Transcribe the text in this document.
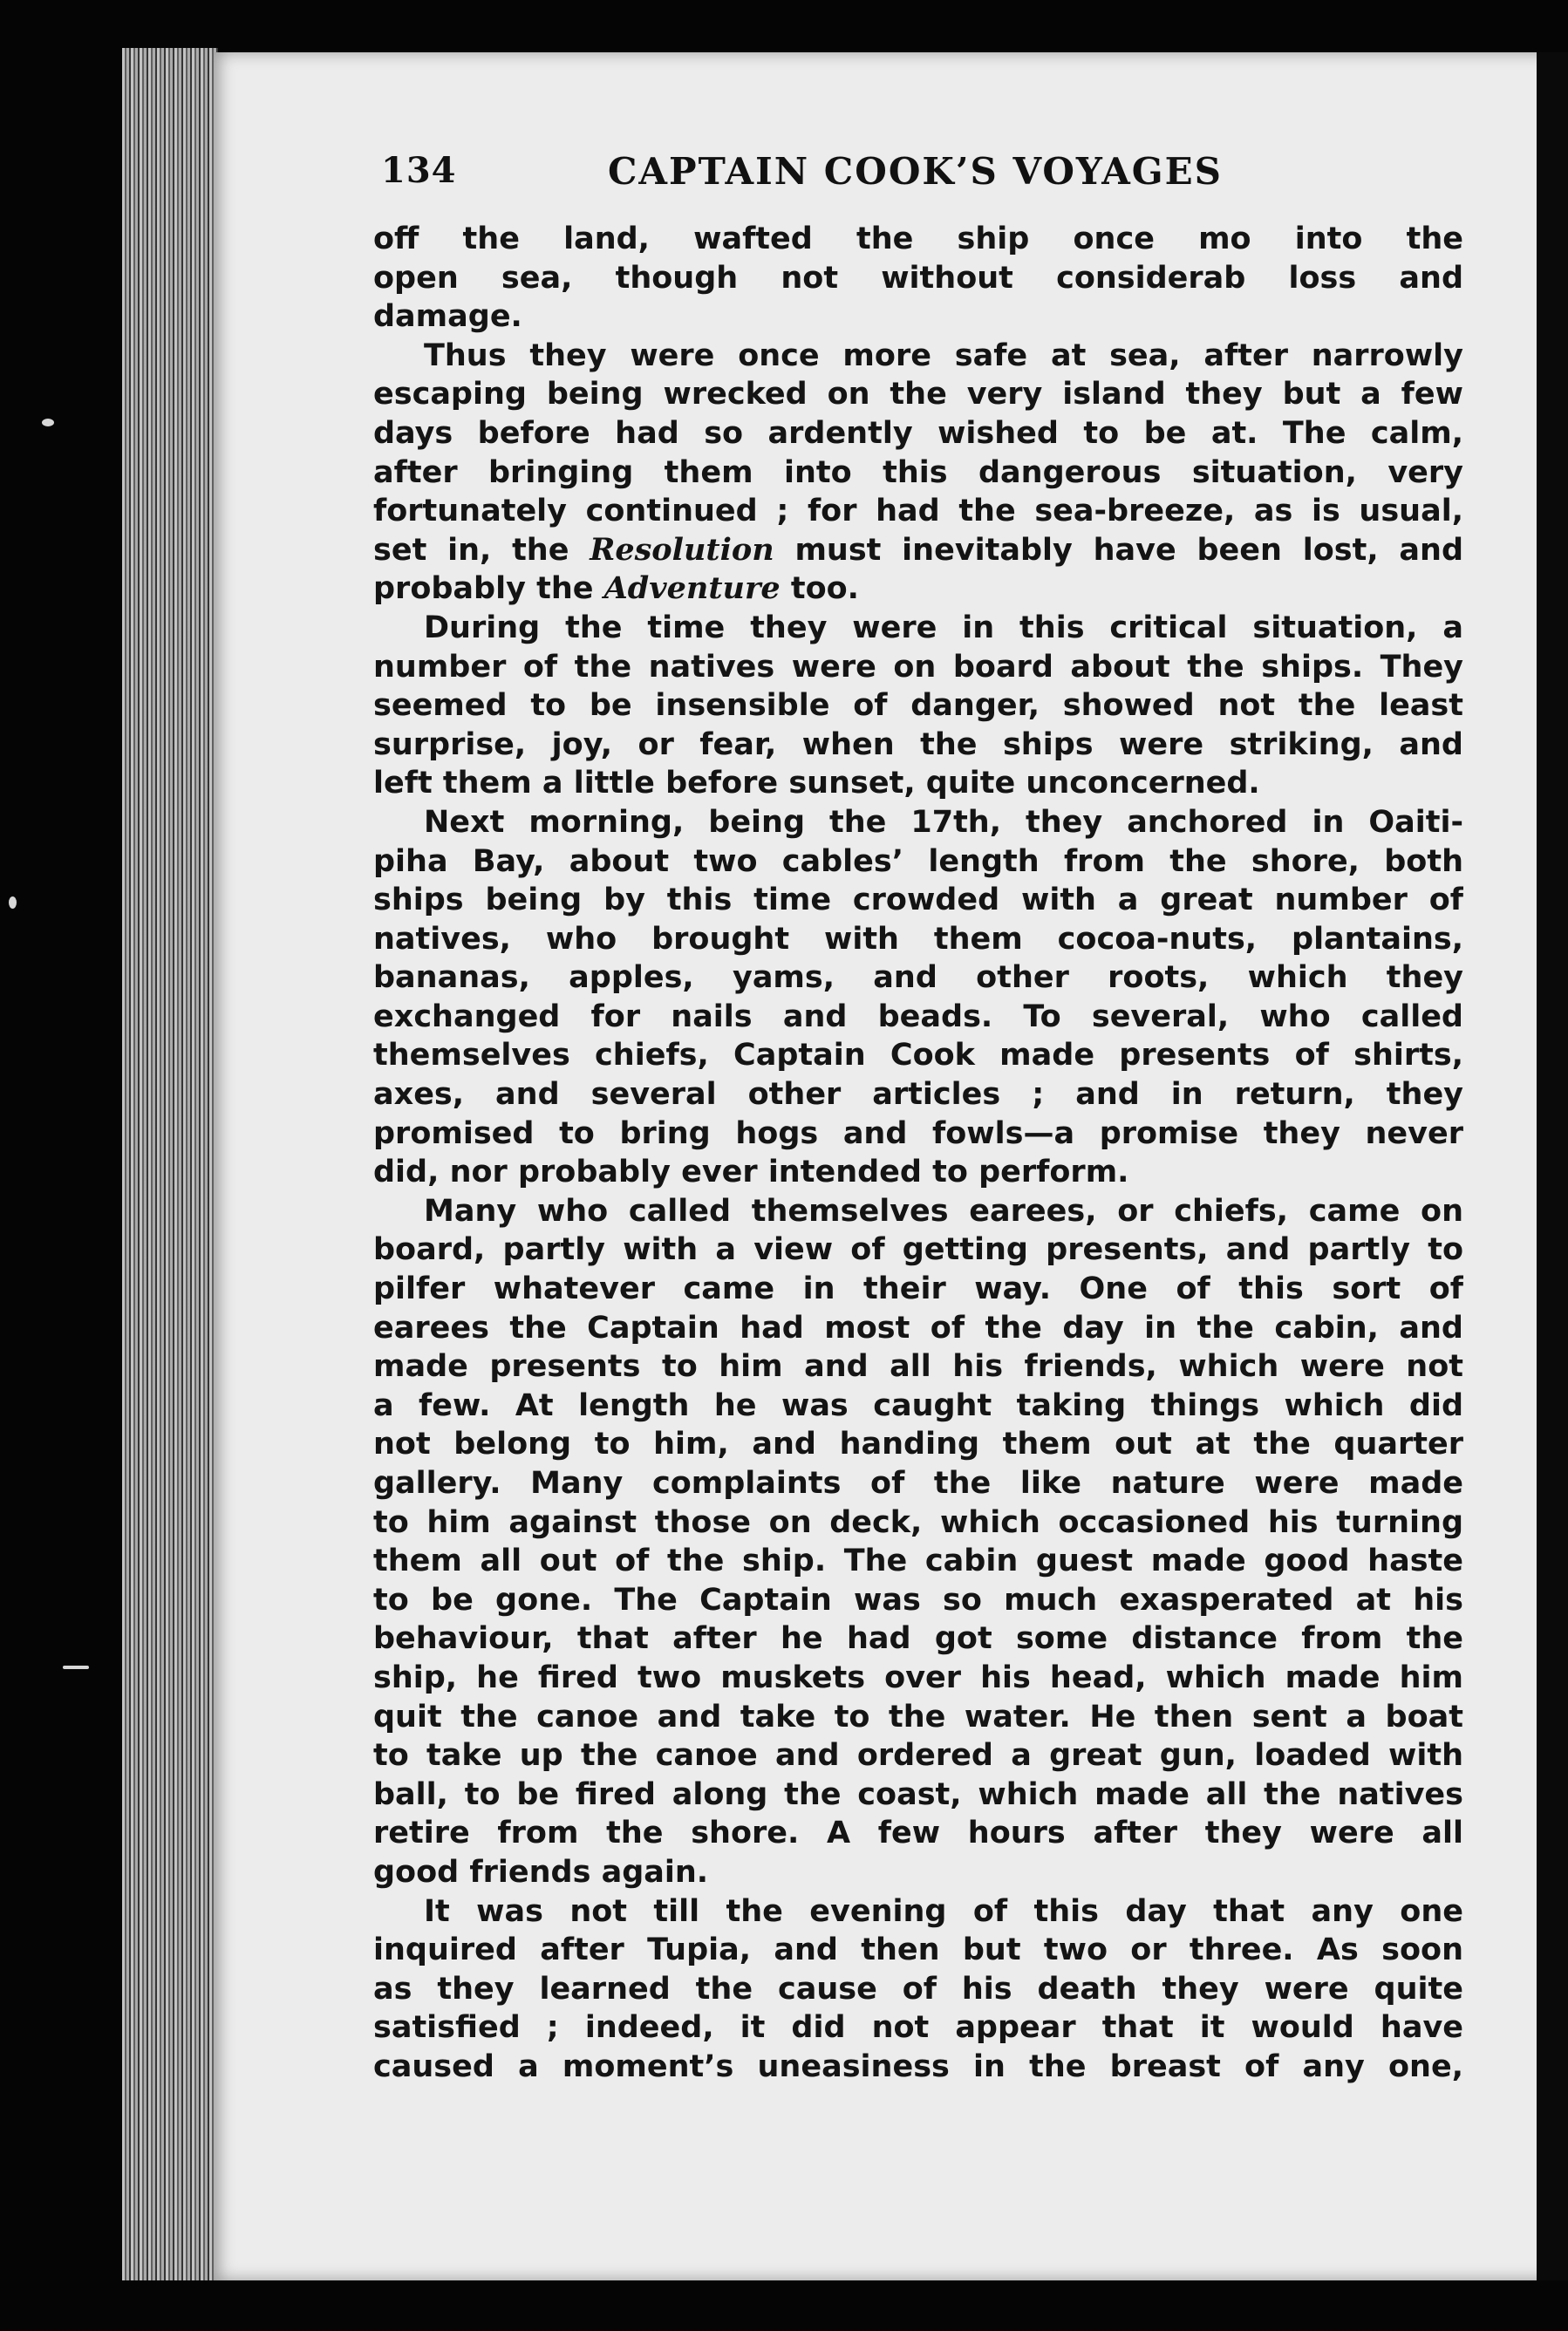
134	CAPTAIN COOK’S VOYAGES
off the land, wafted the ship once mo into the
open sea, though not without considerab loss and
damage.
Thus they were once more safe at sea, after narrowly
escaping being wrecked on the very island they but a few
days before had so ardently wished to be at. The calm,
after bringing them into this dangerous situation, very
fortunately continued ; for had the sea-breeze, as is usual,
set in, the Resolution must inevitably have been lost, and
probably the Adventure too.
During the time they were in this critical situation, a
number of the natives were on board about the ships. They
seemed to be insensible of danger, showed not the least
surprise, joy, or fear, when the ships were striking, and
left them a little before sunset, quite unconcerned.
Next morning, being the 17th, they anchored in Oaiti-
piha Bay, about two cables’ length from the shore, both
ships being by this time crowded with a great number of
natives, who brought with them cocoa-nuts, plantains,
bananas, apples, yams, and other roots, which they
exchanged for nails and beads. To several, who called
themselves chiefs, Captain Cook made presents of shirts,
axes, and several other articles ; and in return, they
promised to bring hogs and fowls—a promise they never
did, nor probably ever intended to perform.
Many who called themselves earees, or chiefs, came on
board, partly with a view of getting presents, and partly to
pilfer whatever came in their way. One of this sort of
earees the Captain had most of the day in the cabin, and
made presents to him and all his friends, which were not
a few. At length he was caught taking things which did
not belong to him, and handing them out at the quarter
gallery. Many complaints of the like nature were made
to him against those on deck, which occasioned his turning
them all out of the ship. The cabin guest made good haste
to be gone. The Captain was so much exasperated at his
behaviour, that after he had got some distance from the
ship, he fired two muskets over his head, which made him
quit the canoe and take to the water. He then sent a boat
to take up the canoe and ordered a great gun, loaded with
ball, to be fired along the coast, which made all the natives
retire from the shore. A few hours after they were all
good friends again.
It was not till the evening of this day that any one
inquired after Tupia, and then but two or three. As soon
as they learned the cause of his death they were quite
satisfied ; indeed, it did not appear that it would have
caused a moment’s uneasiness in the breast of any one,
